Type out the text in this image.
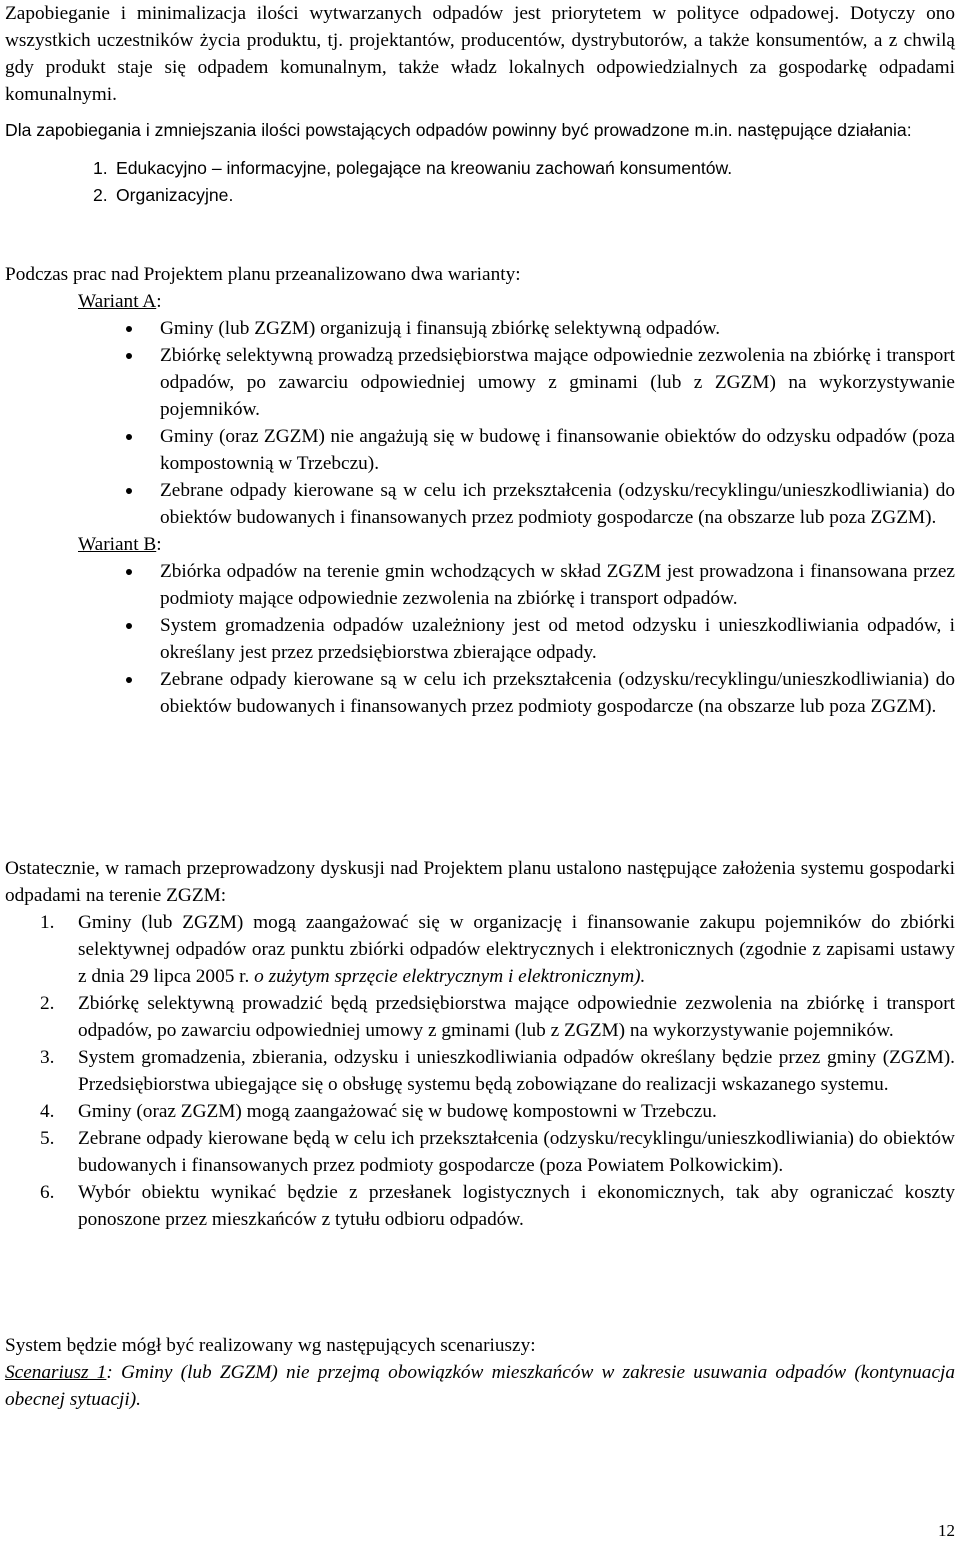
Zapobieganie i minimalizacja ilości wytwarzanych odpadów jest priorytetem w polityce odpadowej. Dotyczy ono wszystkich uczestników życia produktu, tj. projektantów, producentów, dystrybutorów, a także konsumentów, a z chwilą gdy produkt staje się odpadem komunalnym, także władz lokalnych odpowiedzialnych za gospodarkę odpadami komunalnymi.

Dla zapobiegania i zmniejszania ilości powstających odpadów powinny być prowadzone m.in. następujące działania:

1. Edukacyjno – informacyjne, polegające na kreowaniu zachowań konsumentów.
2. Organizacyjne.

Podczas prac nad Projektem planu przeanalizowano dwa warianty:

Wariant A:

Gminy (lub ZGZM) organizują i finansują zbiórkę selektywną odpadów.
Zbiórkę selektywną prowadzą przedsiębiorstwa mające odpowiednie zezwolenia na zbiórkę i transport odpadów, po zawarciu odpowiedniej umowy z gminami (lub z ZGZM) na wykorzystywanie pojemników.
Gminy (oraz ZGZM) nie angażują się w budowę i finansowanie obiektów do odzysku odpadów (poza kompostownią w Trzebczu).
Zebrane odpady kierowane są w celu ich przekształcenia (odzysku/recyklingu/unieszkodliwiania) do obiektów budowanych i finansowanych przez podmioty gospodarcze (na obszarze lub poza ZGZM).

Wariant B:

Zbiórka odpadów na terenie gmin wchodzących w skład ZGZM jest prowadzona i finansowana przez podmioty mające odpowiednie zezwolenia na zbiórkę i transport odpadów.
System gromadzenia odpadów uzależniony jest od metod odzysku i unieszkodliwiania odpadów, i określany jest przez przedsiębiorstwa zbierające odpady.
Zebrane odpady kierowane są w celu ich przekształcenia (odzysku/recyklingu/unieszkodliwiania) do obiektów budowanych i finansowanych przez podmioty gospodarcze (na obszarze lub poza ZGZM).

Ostatecznie, w ramach przeprowadzony dyskusji nad Projektem planu ustalono następujące założenia systemu gospodarki odpadami na terenie ZGZM:

1. Gminy (lub ZGZM) mogą zaangażować się w organizację i finansowanie zakupu pojemników do zbiórki selektywnej odpadów oraz punktu zbiórki odpadów elektrycznych i elektronicznych (zgodnie z zapisami ustawy z dnia 29 lipca 2005 r. o zużytym sprzęcie elektrycznym i elektronicznym).
2. Zbiórkę selektywną prowadzić będą przedsiębiorstwa mające odpowiednie zezwolenia na zbiórkę i transport odpadów, po zawarciu odpowiedniej umowy z gminami (lub z ZGZM) na wykorzystywanie pojemników.
3. System gromadzenia, zbierania, odzysku i unieszkodliwiania odpadów określany będzie przez gminy (ZGZM). Przedsiębiorstwa ubiegające się o obsługę systemu będą zobowiązane do realizacji wskazanego systemu.
4. Gminy (oraz ZGZM) mogą zaangażować się w budowę kompostowni w Trzebczu.
5. Zebrane odpady kierowane będą w celu ich przekształcenia (odzysku/recyklingu/unieszkodliwiania) do obiektów budowanych i finansowanych przez podmioty gospodarcze (poza Powiatem Polkowickim).
6. Wybór obiektu wynikać będzie z przesłanek logistycznych i ekonomicznych, tak aby ograniczać koszty ponoszone przez mieszkańców z tytułu odbioru odpadów.

System będzie mógł być realizowany wg następujących scenariuszy:

Scenariusz 1: Gminy (lub ZGZM) nie przejmą obowiązków mieszkańców w zakresie usuwania odpadów (kontynuacja obecnej sytuacji).

12
